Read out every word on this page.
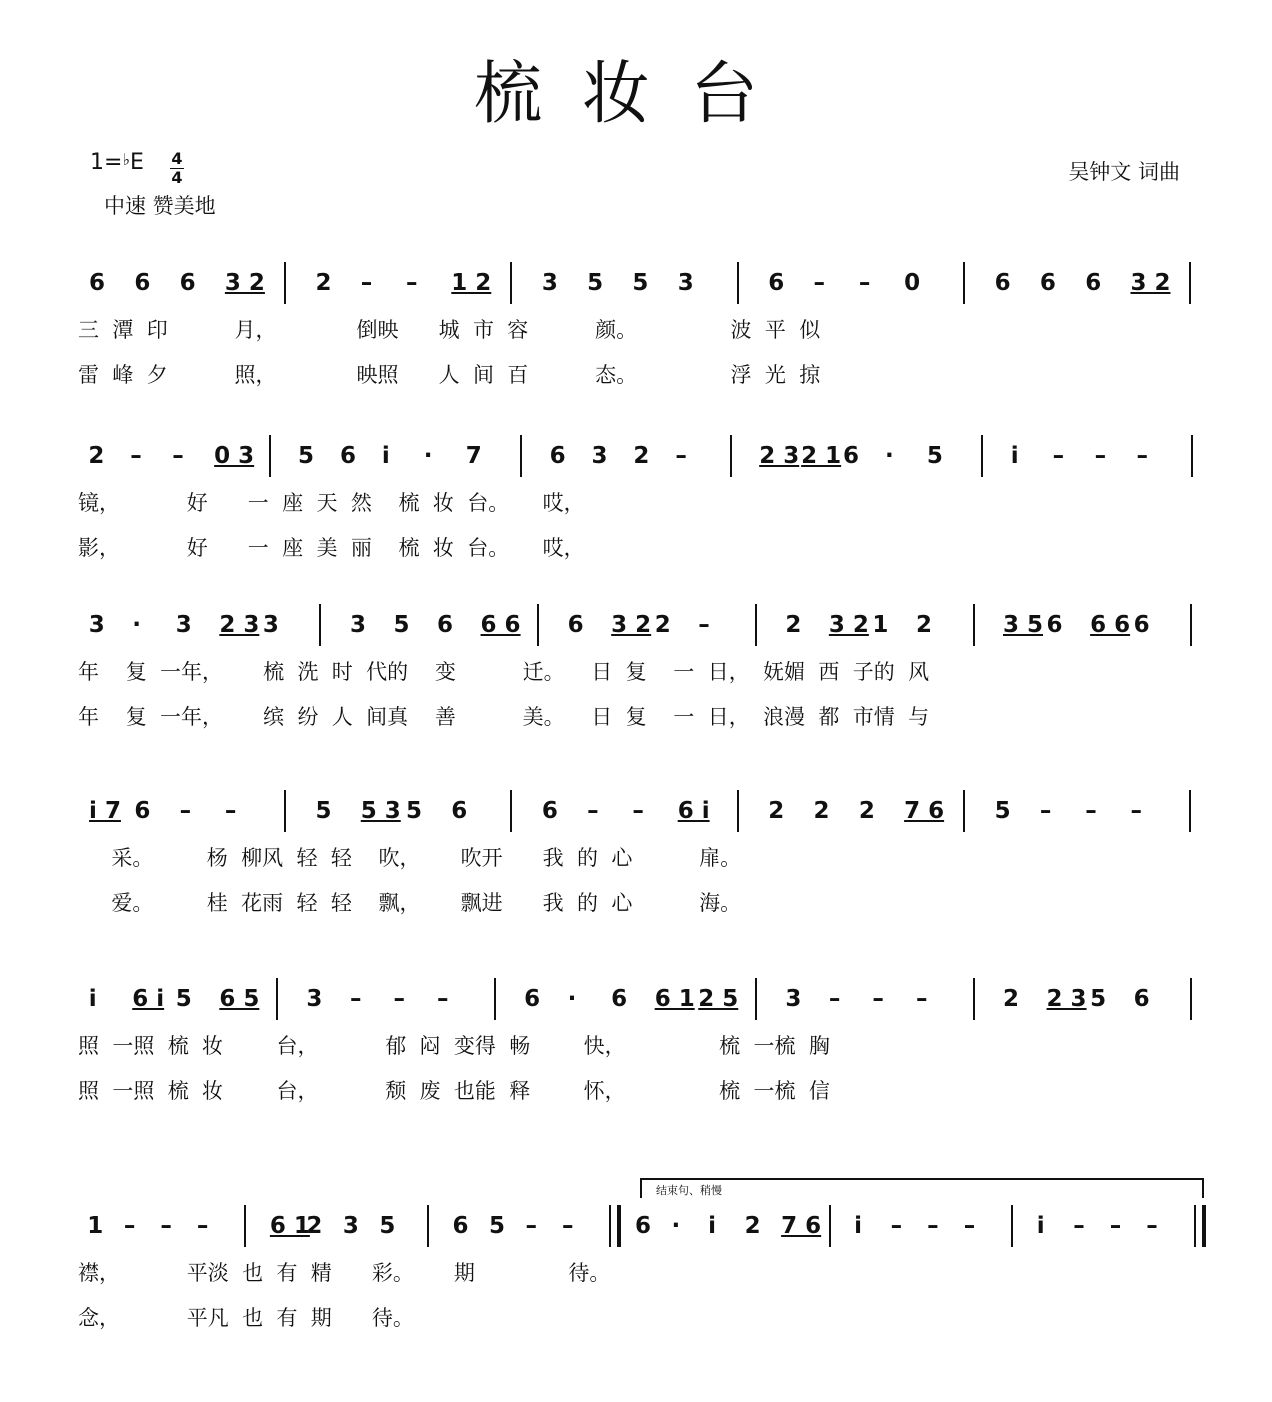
梳妆台
1=♭E 4
4
中速 赞美地
吴钟文 词曲
结束句、稍慢
6 6 6 3 2 2 – – 1 2 3 5 5 3	6 – – 0	6 6 6 3 2
三  潭  印          月，            倒映      城  市  容          颜。              波  平  似
雷  峰  夕          照，            映照      人  间  百          态。              浮  光  掠
2 – – 0 3 5 6 i · 7	6 3 2 –	2 3 2 1 6 · 5	i – – –
镜，          好      一  座  天  然    梳  妆  台。     哎，
影，          好      一  座  美  丽    梳  妆  台。     哎，
3 · 3 2 3 3	3 5 6 6 6 6 3 2 2 –	2 3 2 1 2	3 5 6 6 6 6
年    复  一年，      梳  洗  时  代的    变          迁。    日  复    一  日，  妩媚  西  子的  风
年    复  一年，      缤  纷  人  间真    善          美。    日  复    一  日，  浪漫  都  市情  与
i 7 6 – –	5 5 3 5 6	6 – – 6 i	2 2 2 7 6 5 – – –
采。        杨  柳风  轻  轻    吹，      吹开      我  的  心          扉。
爱。        桂  花雨  轻  轻    飘，      飘进      我  的  心          海。
i 6 i 5 6 5 3 – – –	6 · 6 6 1 2 5 3 – – –	2 2 3 5 6
照  一照  梳  妆        台，          郁  闷  变得  畅        快，              梳  一梳  胸
照  一照  梳  妆        台，          颓  废  也能  释        怀，              梳  一梳  信
1 – – –	6 1
2 3 5 6 5 – –	6 · i 2 7 6 i – – –	i – – –
襟，          平淡  也  有  精      彩。      期              待。
念，          平凡  也  有  期      待。
